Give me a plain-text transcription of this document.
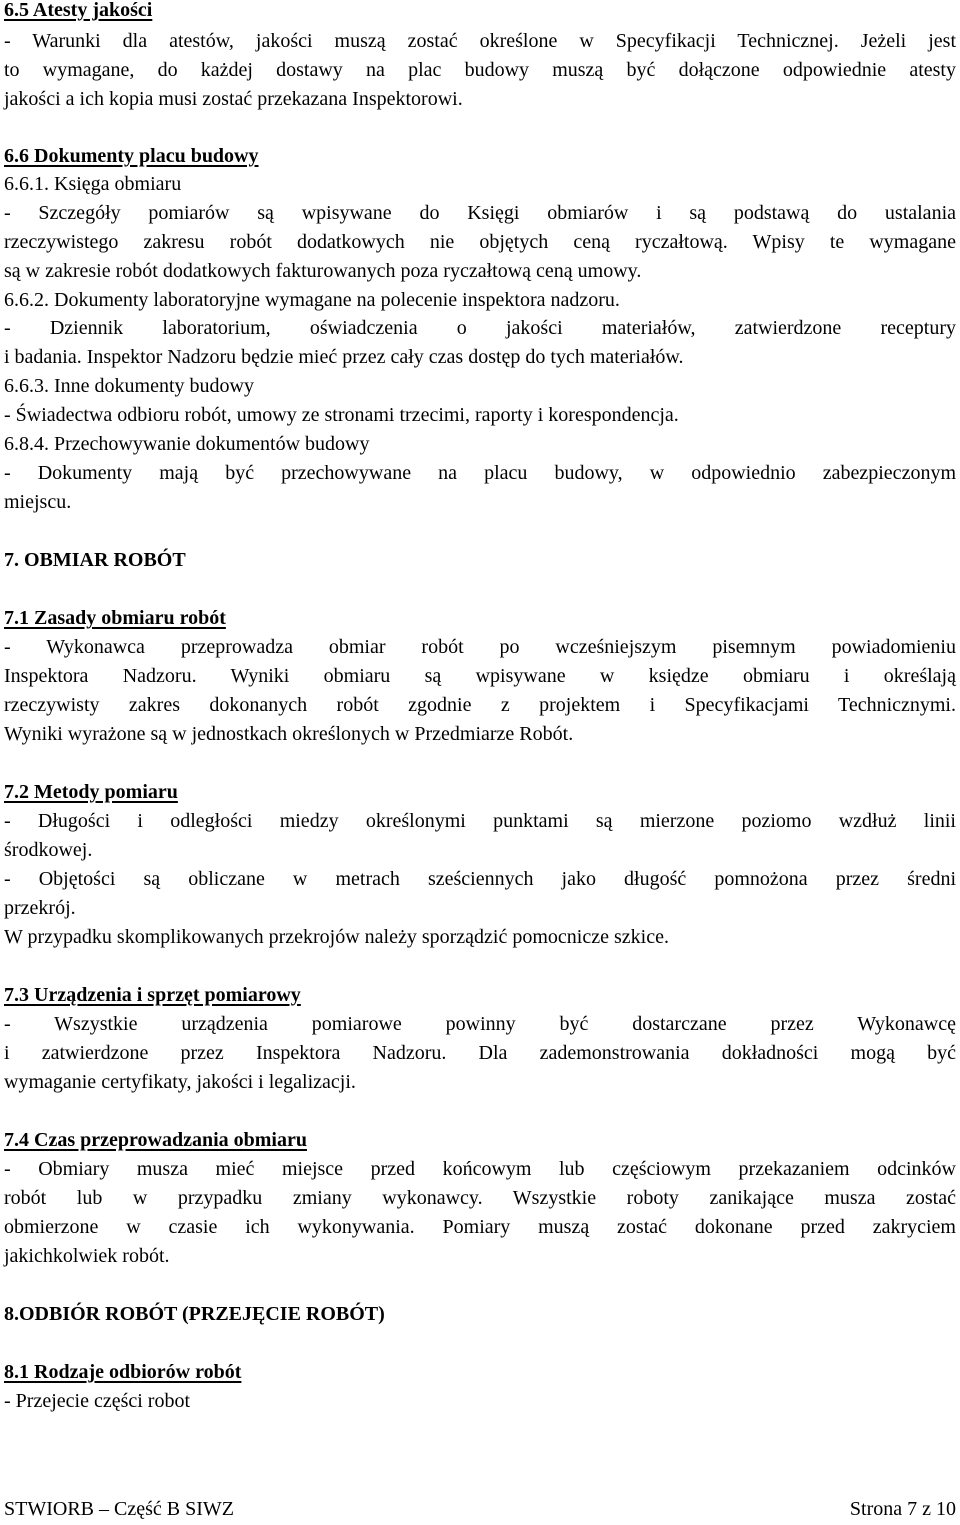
6.5 Atesty jakości
- Warunki dla atestów, jakości muszą zostać określone w Specyfikacji Technicznej. Jeżeli jest
to wymagane, do każdej dostawy na plac budowy muszą być dołączone odpowiednie atesty
jakości a ich kopia musi zostać przekazana Inspektorowi.
6.6 Dokumenty placu budowy
6.6.1. Księga obmiaru
- Szczegóły pomiarów są wpisywane do Księgi obmiarów i są podstawą do ustalania
rzeczywistego zakresu robót dodatkowych nie objętych ceną ryczałtową. Wpisy te wymagane
są w zakresie robót dodatkowych fakturowanych poza ryczałtową ceną umowy.
6.6.2. Dokumenty laboratoryjne wymagane na polecenie inspektora nadzoru.
- Dziennik laboratorium, oświadczenia o jakości materiałów, zatwierdzone receptury
i badania. Inspektor Nadzoru będzie mieć przez cały czas dostęp do tych materiałów.
6.6.3. Inne dokumenty budowy
- Świadectwa odbioru robót, umowy ze stronami trzecimi, raporty i korespondencja.
6.8.4. Przechowywanie dokumentów budowy
- Dokumenty mają być przechowywane na placu budowy, w odpowiednio zabezpieczonym
miejscu.
7. OBMIAR ROBÓT
7.1 Zasady obmiaru robót
- Wykonawca przeprowadza obmiar robót po wcześniejszym pisemnym powiadomieniu
Inspektora Nadzoru. Wyniki obmiaru są wpisywane w księdze obmiaru i określają
rzeczywisty zakres dokonanych robót zgodnie z projektem i Specyfikacjami Technicznymi.
Wyniki wyrażone są w jednostkach określonych w Przedmiarze Robót.
7.2 Metody pomiaru
- Długości i odległości miedzy określonymi punktami są mierzone poziomo wzdłuż linii
środkowej.
- Objętości są obliczane w metrach sześciennych jako długość pomnożona przez średni
przekrój.
W przypadku skomplikowanych przekrojów należy sporządzić pomocnicze szkice.
7.3 Urządzenia i sprzęt pomiarowy
- Wszystkie urządzenia pomiarowe powinny być dostarczane przez Wykonawcę
i zatwierdzone przez Inspektora Nadzoru. Dla zademonstrowania dokładności mogą być
wymaganie certyfikaty, jakości i legalizacji.
7.4 Czas przeprowadzania obmiaru
- Obmiary musza mieć miejsce przed końcowym lub częściowym przekazaniem odcinków
robót lub w przypadku zmiany wykonawcy. Wszystkie roboty zanikające musza zostać
obmierzone w czasie ich wykonywania. Pomiary muszą zostać dokonane przed zakryciem
jakichkolwiek robót.
8.ODBIÓR ROBÓT (PRZEJĘCIE ROBÓT)
8.1 Rodzaje odbiorów robót
- Przejecie części robot
STWIORB – Część B SIWZ	Strona 7 z 10
